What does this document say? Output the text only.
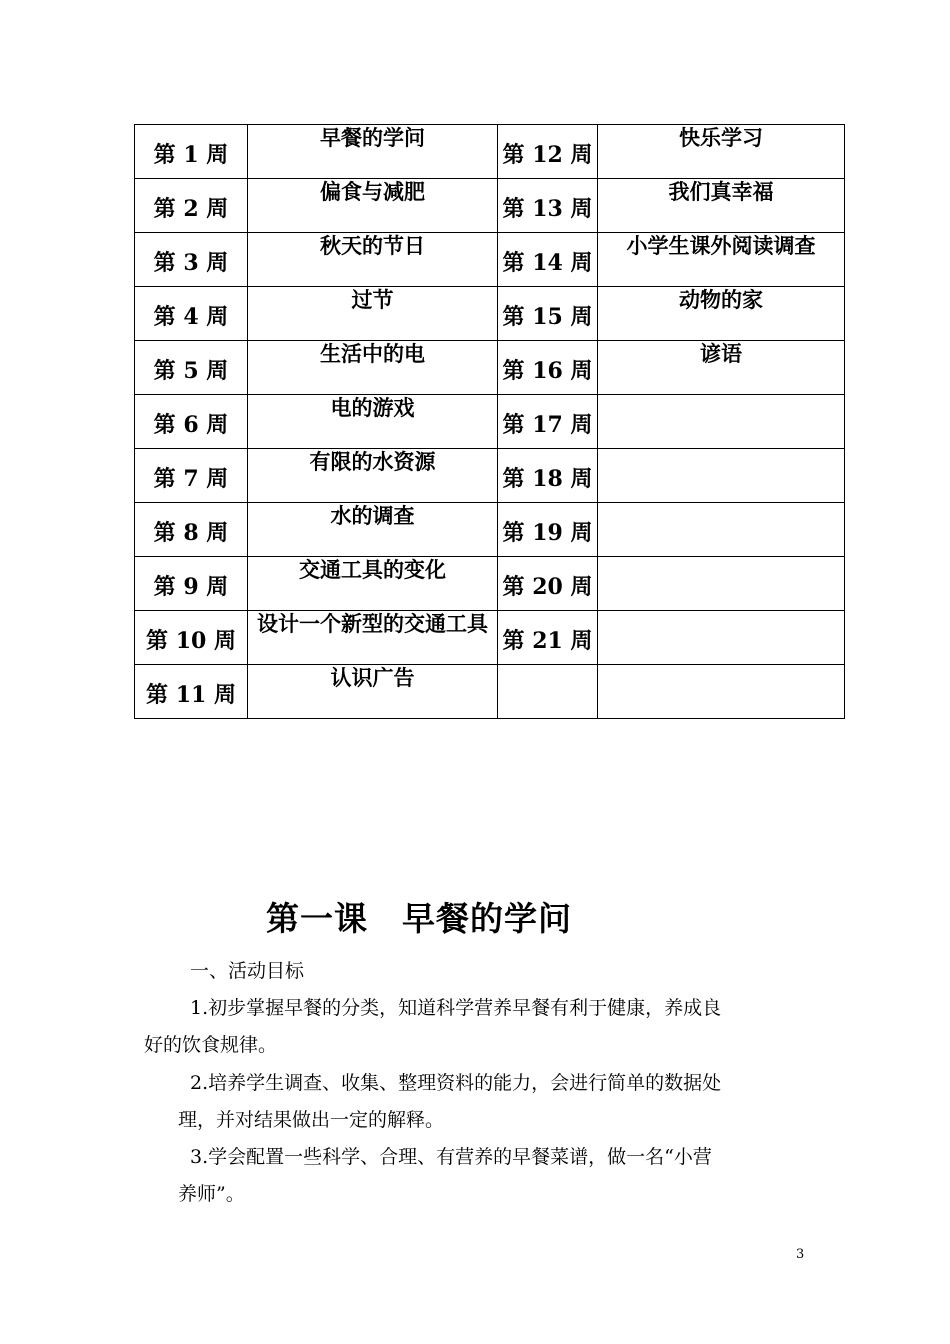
第 1 周	早餐的学问	第 12 周	快乐学习
第 2 周	偏食与减肥	第 13 周	我们真幸福
第 3 周	秋天的节日	第 14 周	小学生课外阅读调查
第 4 周	过节	第 15 周	动物的家
第 5 周	生活中的电	第 16 周	谚语
第 6 周	电的游戏	第 17 周	
第 7 周	有限的水资源	第 18 周	
第 8 周	水的调查	第 19 周	
第 9 周	交通工具的变化	第 20 周	
第 10 周	设计一个新型的交通工具	第 21 周	
第 11 周	认识广告		
第一课　早餐的学问
一、活动目标
1.初步掌握早餐的分类，知道科学营养早餐有利于健康，养成良
好的饮食规律。
2.培养学生调查、收集、整理资料的能力，会进行简单的数据处
理，并对结果做出一定的解释。
3.学会配置一些科学、合理、有营养的早餐菜谱，做一名“小营
养师”。
3
